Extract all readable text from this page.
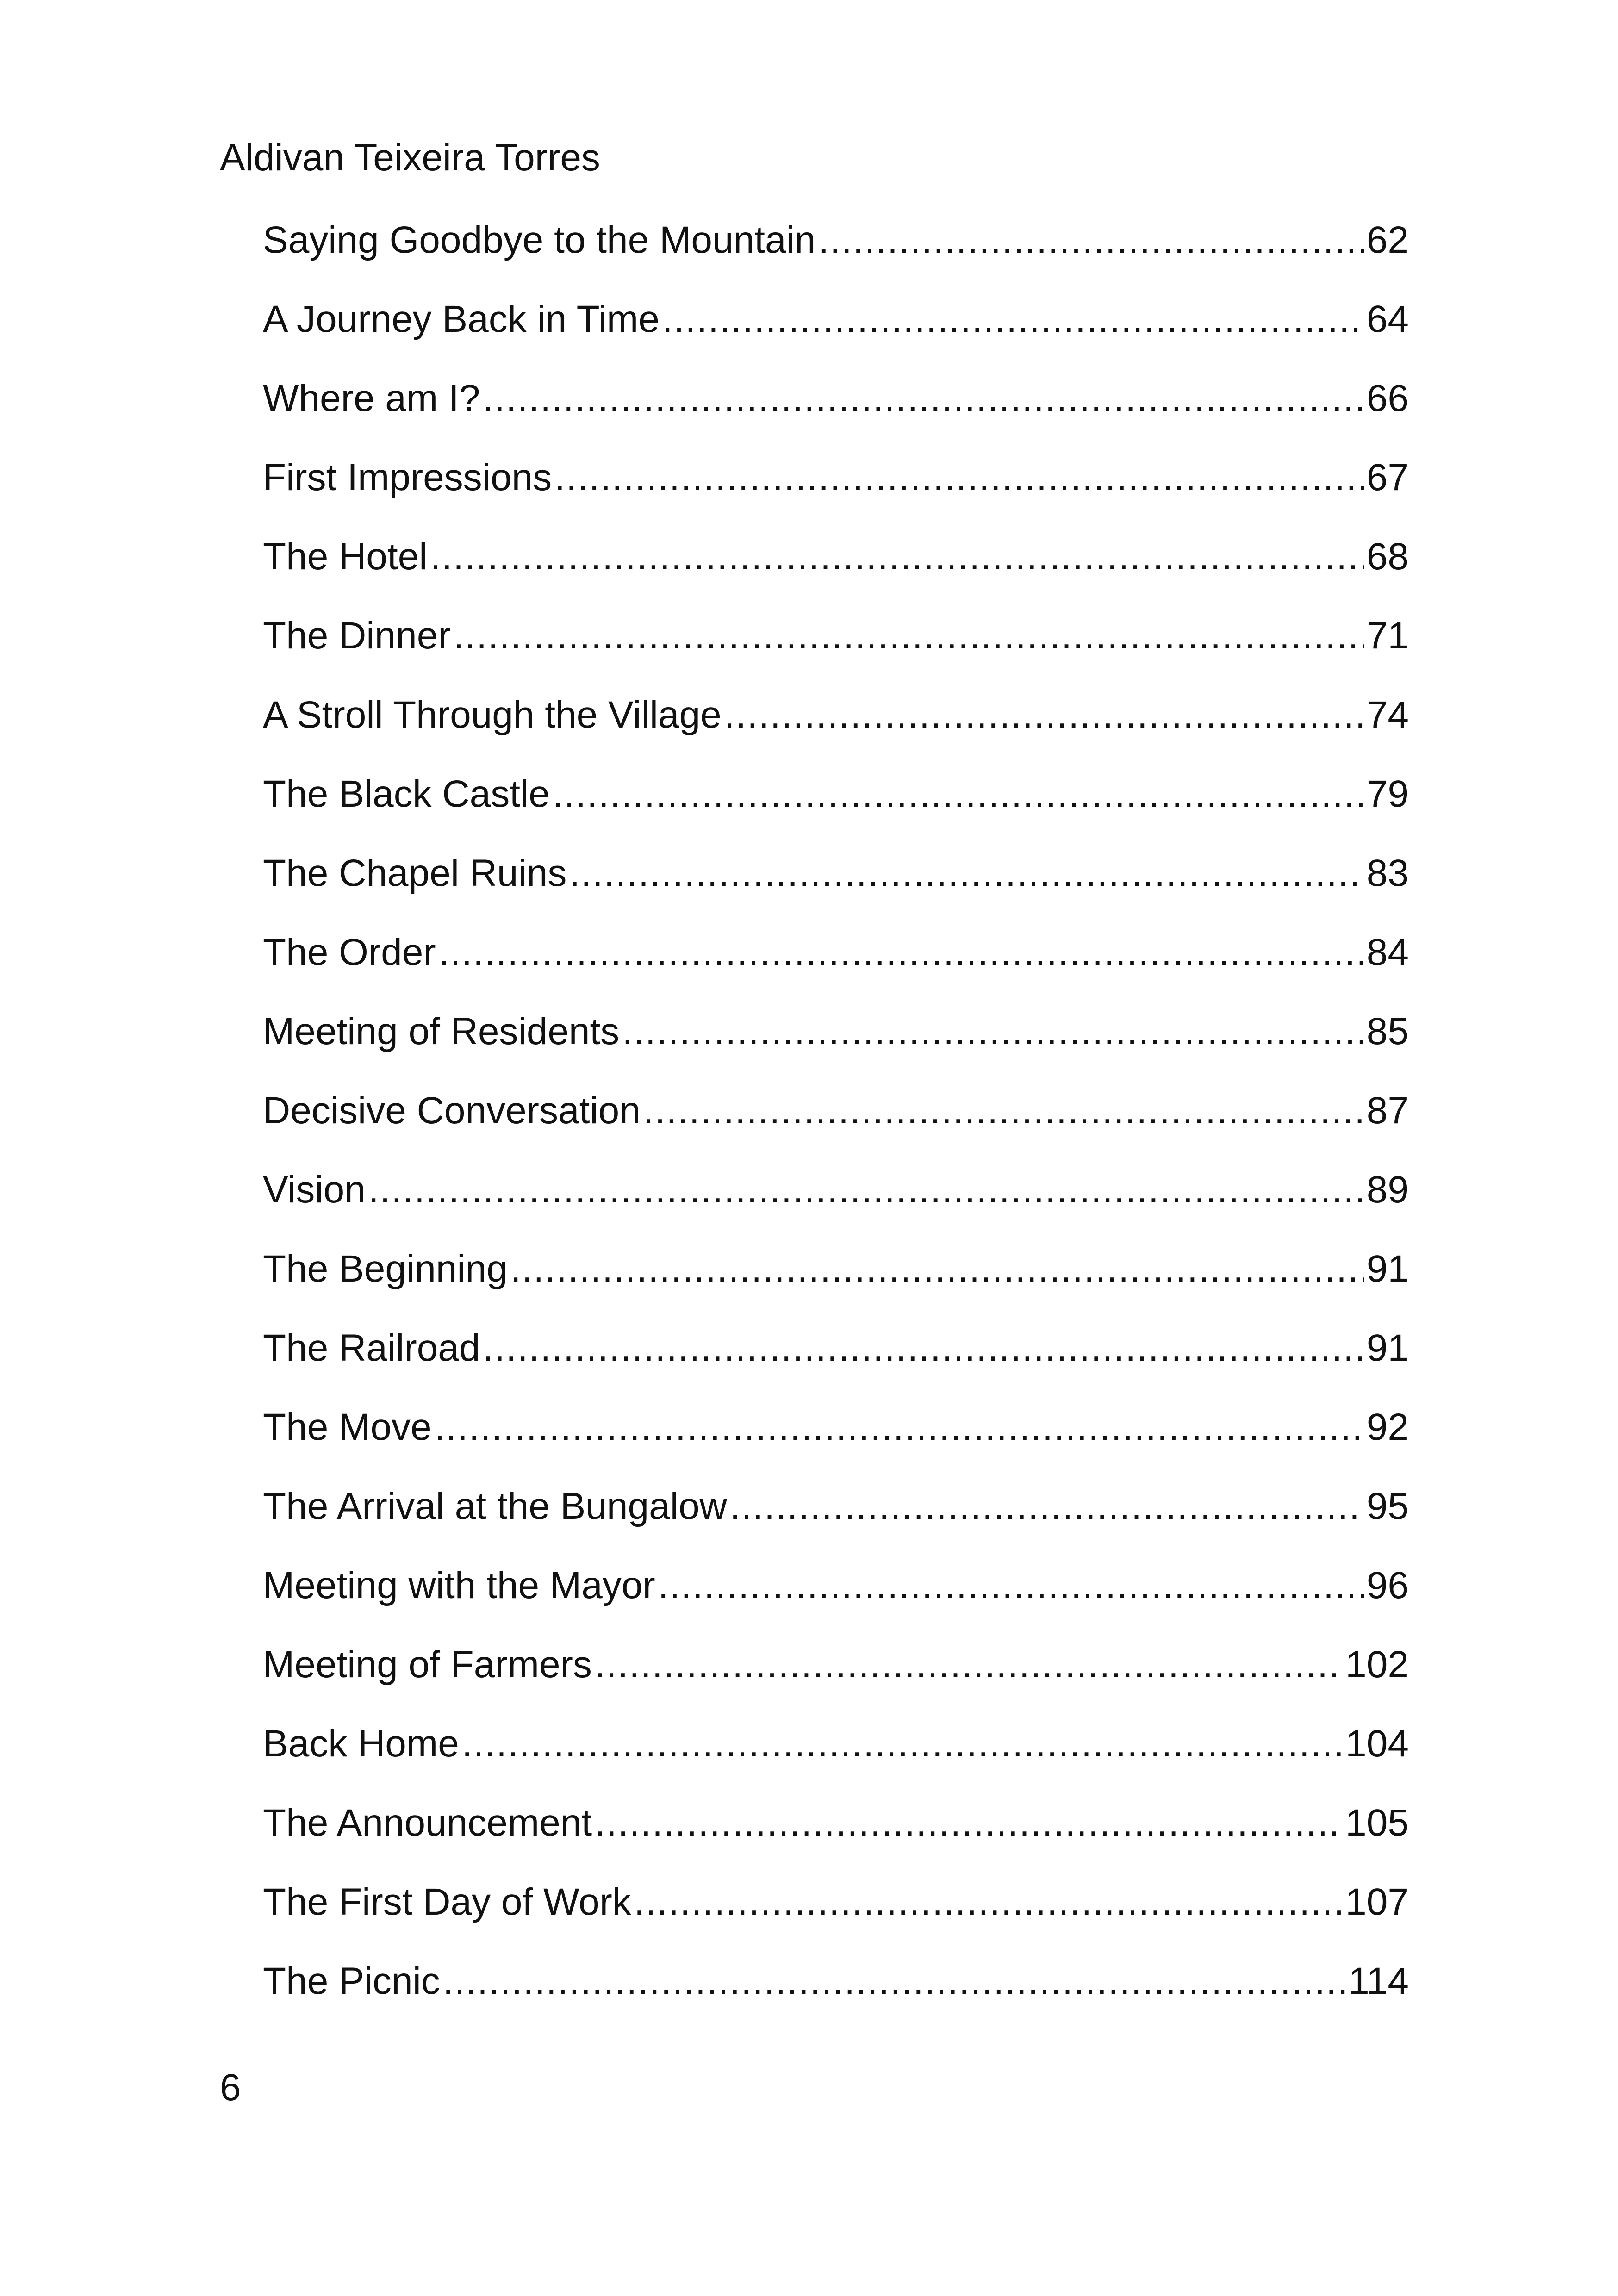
Aldivan Teixeira Torres
Saying Goodbye to the Mountain .....	62
A Journey Back in Time .....	64
Where am I? .....	66
First Impressions .....	67
The Hotel .....	68
The Dinner .....	71
A Stroll Through the Village .....	74
The Black Castle .....	79
The Chapel Ruins .....	83
The Order .....	84
Meeting of Residents .....	85
Decisive Conversation .....	87
Vision .....	89
The Beginning .....	91
The Railroad .....	91
The Move .....	92
The Arrival at the Bungalow .....	95
Meeting with the Mayor .....	96
Meeting of Farmers .....	102
Back Home .....	104
The Announcement .....	105
The First Day of Work .....	107
The Picnic .....	114
6
